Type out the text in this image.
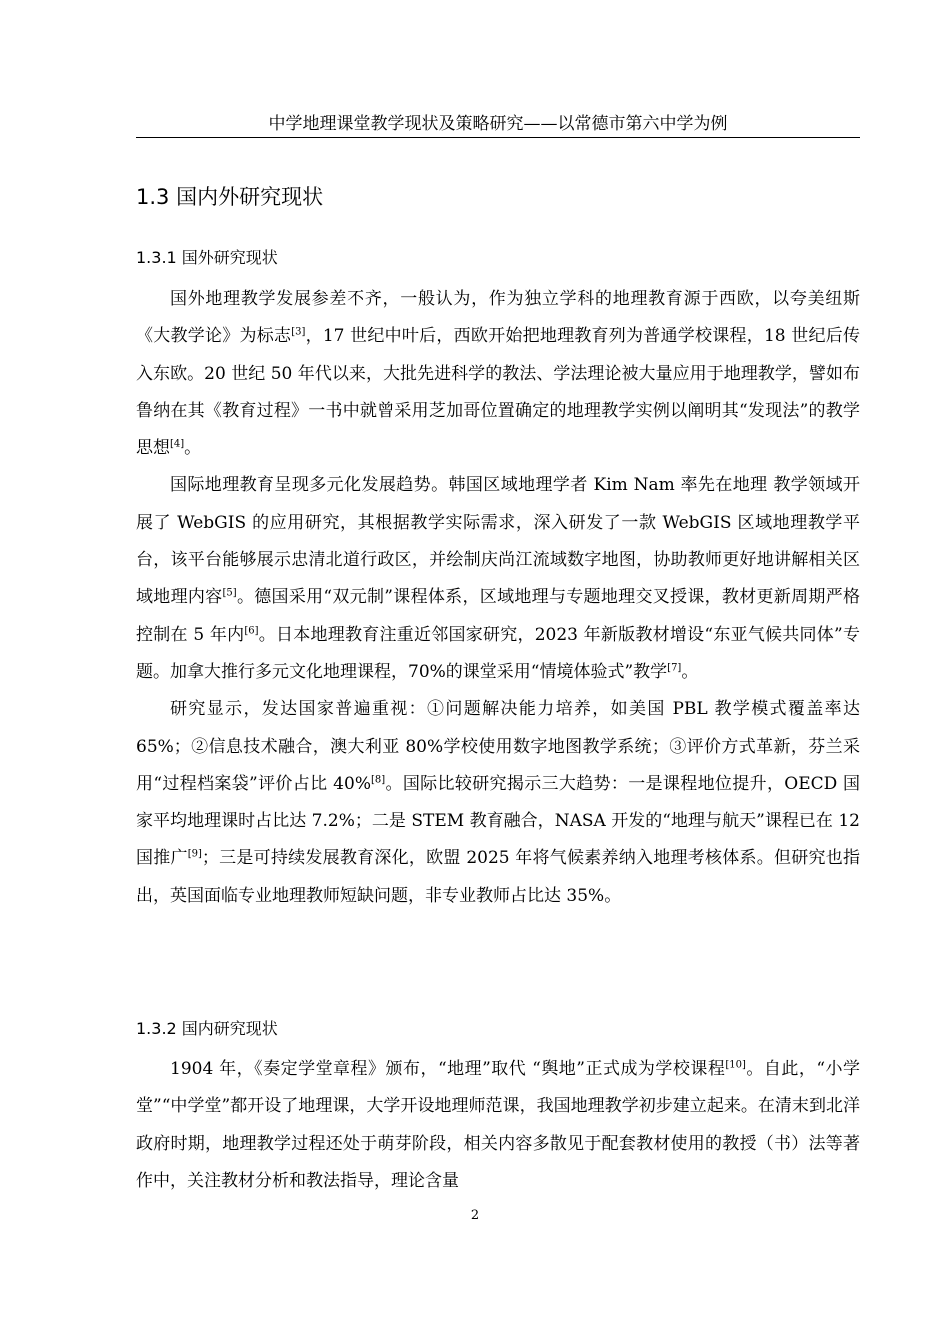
中学地理课堂教学现状及策略研究——以常德市第六中学为例
1.3 国内外研究现状
1.3.1 国外研究现状

国外地理教学发展参差不齐，一般认为，作为独立学科的地理教育源于西欧，以夸美纽斯《大教学论》为标志[3]，17 世纪中叶后，西欧开始把地理教育列为普通学校课程，18 世纪后传入东欧。20 世纪 50 年代以来，大批先进科学的教法、学法理论被大量应用于地理教学，譬如布鲁纳在其《教育过程》一书中就曾采用芝加哥位置确定的地理教学实例以阐明其“发现法”的教学思想[4]。

国际地理教育呈现多元化发展趋势。韩国区域地理学者 Kim Nam 率先在地理 教学领域开展了 WebGIS 的应用研究，其根据教学实际需求，深入研发了一款 WebGIS 区域地理教学平台，该平台能够展示忠清北道行政区，并绘制庆尚江流域数字地图，协助教师更好地讲解相关区域地理内容[5]。德国采用“双元制”课程体系，区域地理与专题地理交叉授课，教材更新周期严格控制在 5 年内[6]。日本地理教育注重近邻国家研究，2023 年新版教材增设“东亚气候共同体”专题。加拿大推行多元文化地理课程，70%的课堂采用“情境体验式”教学[7]。

研究显示，发达国家普遍重视：①问题解决能力培养，如美国 PBL 教学模式覆盖率达 65%；②信息技术融合，澳大利亚 80%学校使用数字地图教学系统；③评价方式革新，芬兰采用“过程档案袋”评价占比 40%[8]。国际比较研究揭示三大趋势：一是课程地位提升，OECD 国家平均地理课时占比达 7.2%；二是 STEM 教育融合，NASA 开发的“地理与航天”课程已在 12 国推广[9]；三是可持续发展教育深化，欧盟 2025 年将气候素养纳入地理考核体系。但研究也指出，英国面临专业地理教师短缺问题，非专业教师占比达 35%。

1.3.2 国内研究现状

1904 年，《奏定学堂章程》颁布，“地理”取代 “舆地”正式成为学校课程[10]。自此，“小学堂”“中学堂”都开设了地理课，大学开设地理师范课，我国地理教学初步建立起来。在清末到北洋政府时期，地理教学过程还处于萌芽阶段，相关内容多散见于配套教材使用的教授（书）法等著作中，关注教材分析和教法指导，理论含量

2
